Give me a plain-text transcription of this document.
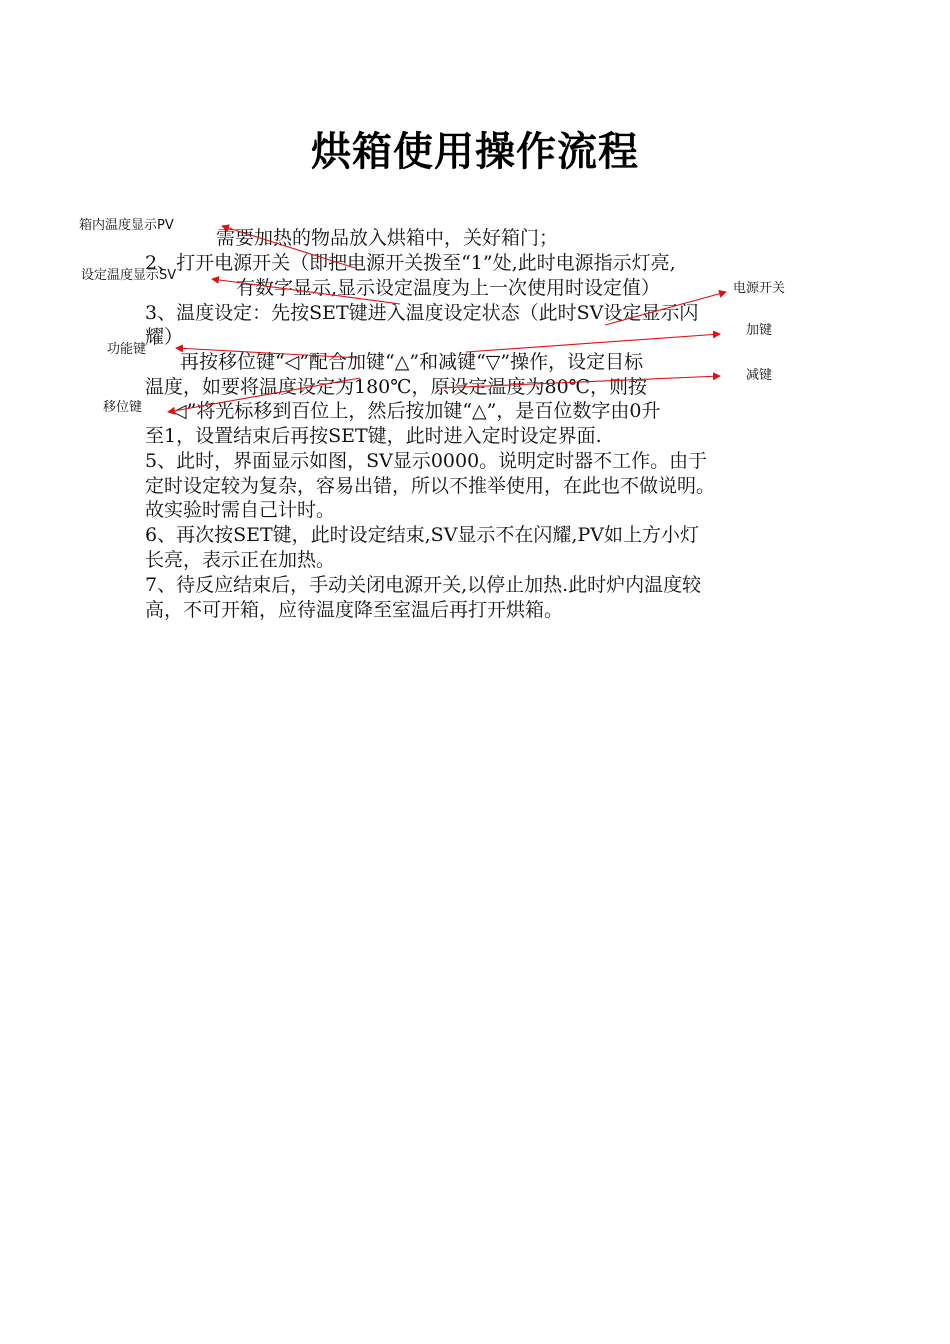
烘箱使用操作流程
需要加热的物品放入烘箱中，关好箱门；
2、打开电源开关（即把电源开关拨至“1”处,此时电源指示灯亮,
有数字显示,显示设定温度为上一次使用时设定值）
3、温度设定：先按SET键进入温度设定状态（此时SV设定显示闪
耀）
再按移位键“◁”配合加键“△”和减键“▽”操作，设定目标
温度，如要将温度设定为180℃，原设定温度为80℃，则按
◁”将光标移到百位上，然后按加键“△”，是百位数字由0升
至1，设置结束后再按SET键，此时进入定时设定界面.
5、此时，界面显示如图，SV显示0000。说明定时器不工作。由于
定时设定较为复杂，容易出错，所以不推举使用，在此也不做说明。
故实验时需自己计时。
6、再次按SET键，此时设定结束,SV显示不在闪耀,PV如上方小灯
长亮，表示正在加热。
7、待反应结束后，手动关闭电源开关,以停止加热.此时炉内温度较
高，不可开箱，应待温度降至室温后再打开烘箱。
箱内温度显示PV
设定温度显示SV
功能键
移位键
电源开关
加键
减键
